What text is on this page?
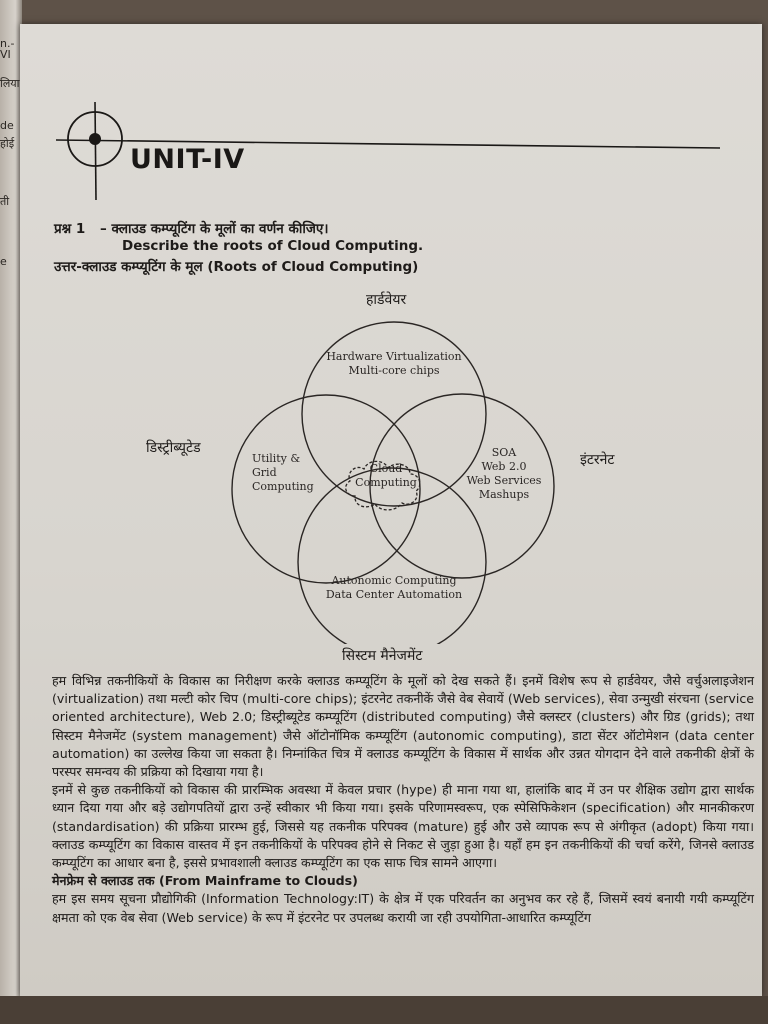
n.-VI
लिया
de
होई
ती
e
UNIT-IV
प्रश्न 1 – क्लाउड कम्प्यूटिंग के मूलों का वर्णन कीजिए।
Describe the roots of Cloud Computing.
उत्तर-क्लाउड कम्प्यूटिंग के मूल (Roots of Cloud Computing)
हार्डवेयर
डिस्ट्रीब्यूटेड
इंटरनेट
सिस्टम मैनेजमेंट
Hardware Virtualization
Multi-core chips
Utility &
Grid
Computing
SOA
Web 2.0
Web Services
Mashups
Autonomic Computing
Data Center Automation
Cloud
Computing

हम विभिन्न तकनीकियों के विकास का निरीक्षण करके क्लाउड कम्प्यूटिंग के मूलों को देख सकते हैं। इनमें विशेष रूप से हार्डवेयर, जैसे वर्चुअलाइजेशन (virtualization) तथा मल्टी कोर चिप (multi-core chips); इंटरनेट तकनीकें जैसे वेब सेवायें (Web services), सेवा उन्मुखी संरचना (service oriented architecture), Web 2.0; डिस्ट्रीब्यूटेड कम्प्यूटिंग (distributed computing) जैसे क्लस्टर (clusters) और ग्रिड (grids); तथा सिस्टम मैनेजमेंट (system management) जैसे ऑटोनॉमिक कम्प्यूटिंग (autonomic computing), डाटा सेंटर ऑटोमेशन (data center automation) का उल्लेख किया जा सकता है। निम्नांकित चित्र में क्लाउड कम्प्यूटिंग के विकास में सार्थक और उन्नत योगदान देने वाले तकनीकी क्षेत्रों के परस्पर समन्वय की प्रक्रिया को दिखाया गया है।

इनमें से कुछ तकनीकियों को विकास की प्रारम्भिक अवस्था में केवल प्रचार (hype) ही माना गया था, हालांकि बाद में उन पर शैक्षिक उद्योग द्वारा सार्थक ध्यान दिया गया और बड़े उद्योगपतियों द्वारा उन्हें स्वीकार भी किया गया। इसके परिणामस्वरूप, एक स्पेसिफिकेशन (specification) और मानकीकरण (standardisation) की प्रक्रिया प्रारम्भ हुई, जिससे यह तकनीक परिपक्व (mature) हुई और उसे व्यापक रूप से अंगीकृत (adopt) किया गया। क्लाउड कम्प्यूटिंग का विकास वास्तव में इन तकनीकियों के परिपक्व होने से निकट से जुड़ा हुआ है। यहाँ हम इन तकनीकियों की चर्चा करेंगे, जिनसे क्लाउड कम्प्यूटिंग का आधार बना है, इससे प्रभावशाली क्लाउड कम्प्यूटिंग का एक साफ चित्र सामने आएगा।

मेनफ्रेम से क्लाउड तक (From Mainframe to Clouds)

हम इस समय सूचना प्रौद्योगिकी (Information Technology:IT) के क्षेत्र में एक परिवर्तन का अनुभव कर रहे हैं, जिसमें स्वयं बनायी गयी कम्प्यूटिंग क्षमता को एक वेब सेवा (Web service) के रूप में इंटरनेट पर उपलब्ध करायी जा रही उपयोगिता-आधारित कम्प्यूटिंग
